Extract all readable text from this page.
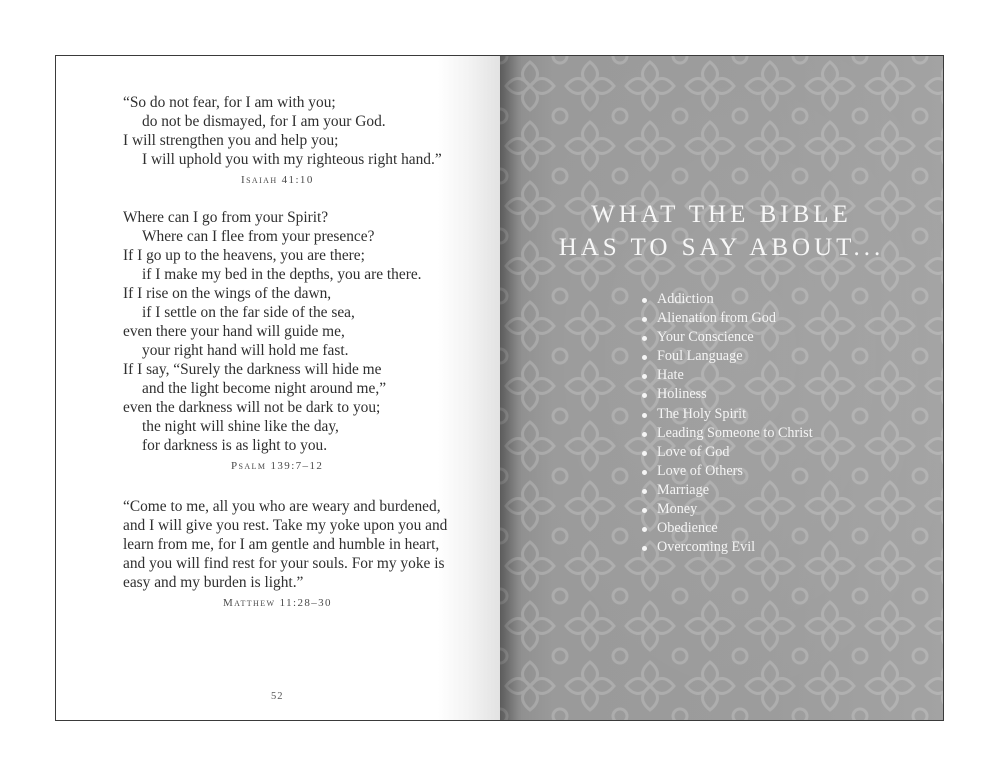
“So do not fear, for I am with you;
do not be dismayed, for I am your God.
I will strengthen you and help you;
I will uphold you with my righteous right hand.”
Isaiah 41:10
Where can I go from your Spirit?
Where can I flee from your presence?
If I go up to the heavens, you are there;
if I make my bed in the depths, you are there.
If I rise on the wings of the dawn,
if I settle on the far side of the sea,
even there your hand will guide me,
your right hand will hold me fast.
If I say, “Surely the darkness will hide me
and the light become night around me,”
even the darkness will not be dark to you;
the night will shine like the day,
for darkness is as light to you.
Psalm 139:7–12
“Come to me, all you who are weary and burdened,
and I will give you rest. Take my yoke upon you and
learn from me, for I am gentle and humble in heart,
and you will find rest for your souls. For my yoke is
easy and my burden is light.”
Matthew 11:28–30
52
WHAT THE BIBLE
HAS TO SAY ABOUT...
Addiction
Alienation from God
Your Conscience
Foul Language
Hate
Holiness
The Holy Spirit
Leading Someone to Christ
Love of God
Love of Others
Marriage
Money
Obedience
Overcoming Evil
